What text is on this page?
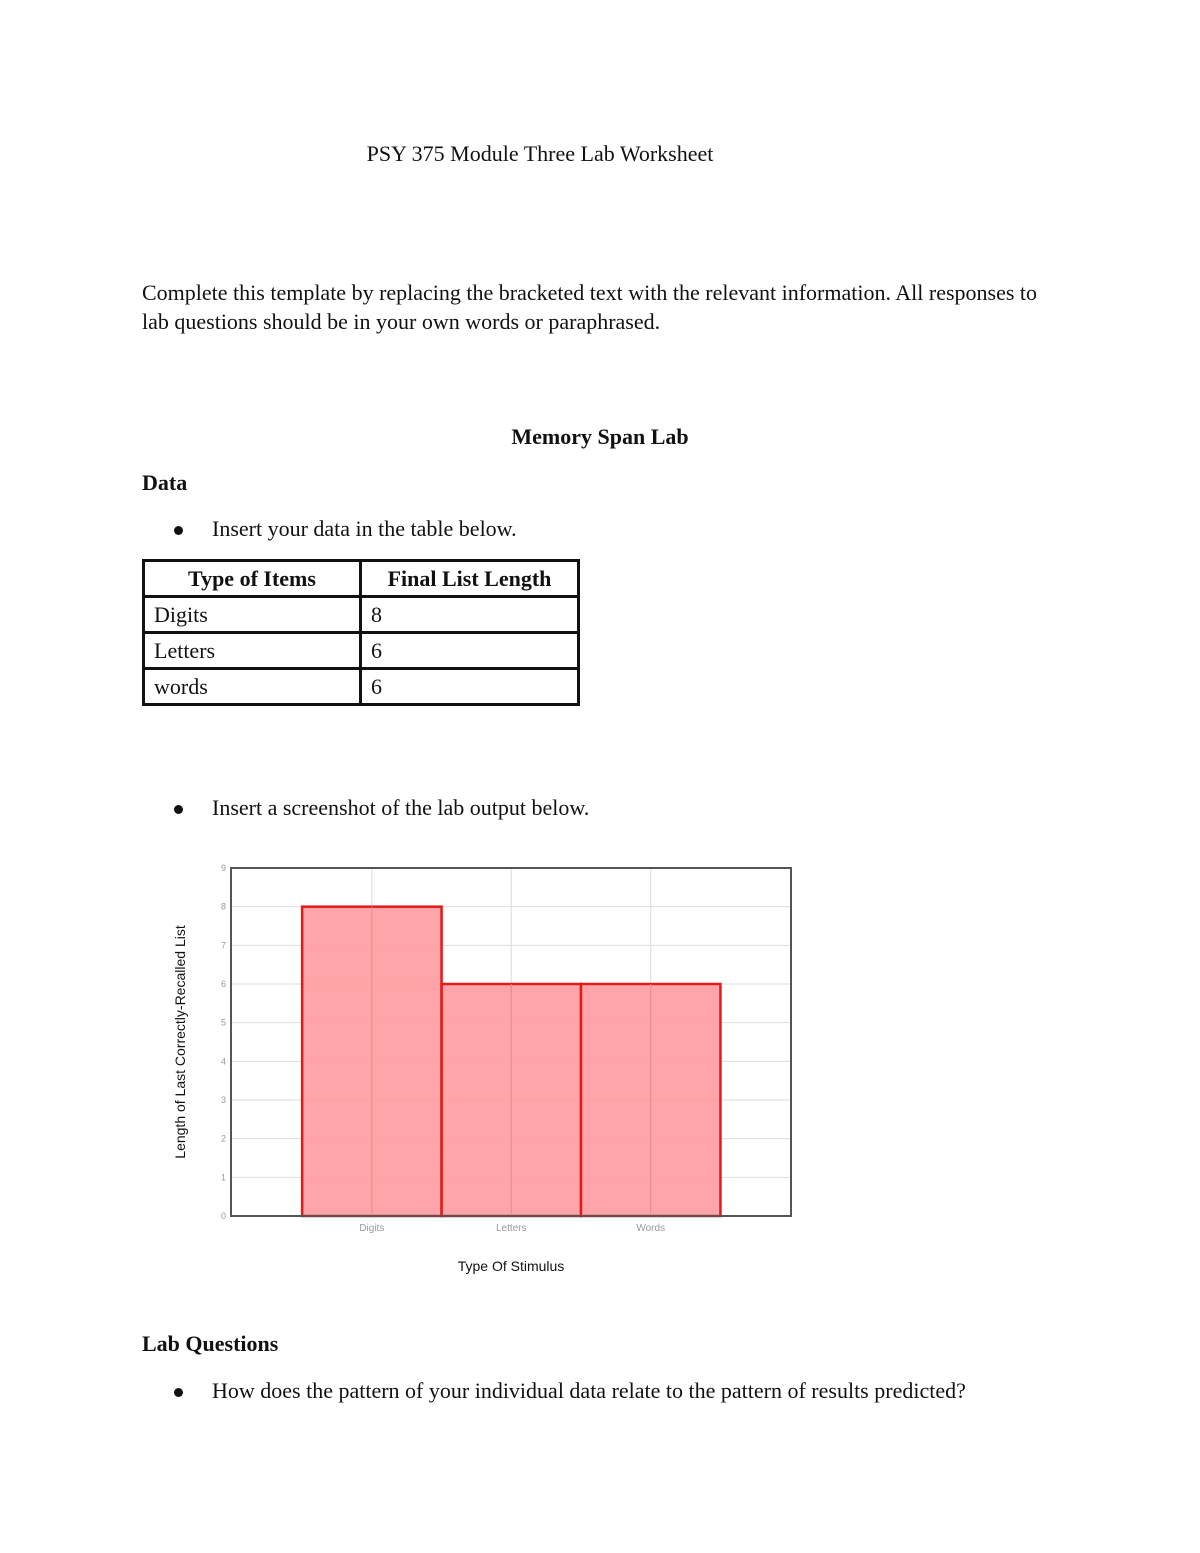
PSY 375 Module Three Lab Worksheet

Complete this template by replacing the bracketed text with the relevant information. All responses to lab questions should be in your own words or paraphrased.

Memory Span Lab
Data
Insert your data in the table below.
Type of Items	Final List Length
Digits	8
Letters	6
words	6
Insert a screenshot of the lab output below.
0
1
2
3
4
5
6
7
8
9
Digits	Letters	Words
Length of Last Correctly-Recalled List
Type Of Stimulus
Lab Questions
How does the pattern of your individual data relate to the pattern of results predicted?
